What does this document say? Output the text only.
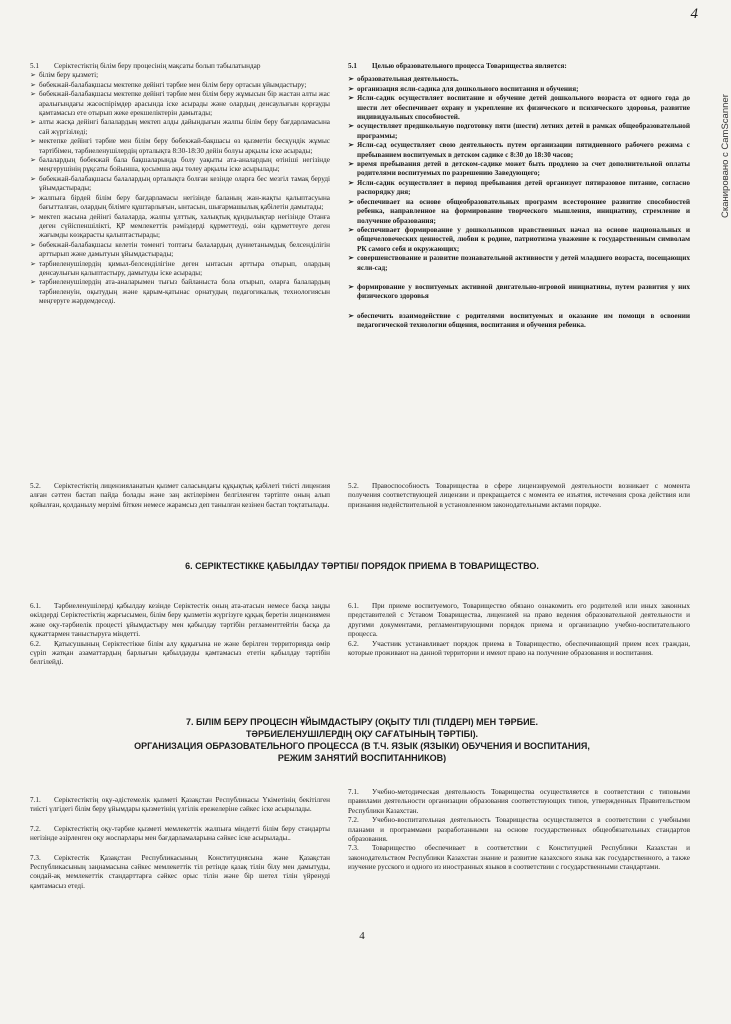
4
Сканировано с CamScanner

5.1 Серіктестіктің білім беру процесінің мақсаты болып табылатындар

➢ білім беру қызметі;
➢ бөбекжай-балабақшасы мектепке дейінгі тәрбие мен білім беру ортасын ұйымдастыру;
➢ бөбекжай-балабақшасы мектепке дейінгі тәрбие мен білім беру жұмысын бір жастан алты жас аралығындағы жасөспірімдер арасында іске асырады және олардың денсаулығын қорғауды қамтамасыз ете отырып жеке ерекшеліктерін дамытады;
➢ алты жасқа дейінгі балалардың мектеп алды дайындығын жалпы білім беру бағдарламасына сай жүргізіледі;
➢ мектепке дейінгі тәрбие мен білім беру бөбекжай-бақшасы өз қызметін бесқүндік жұмыс тәртібімен, тәрбиеленушілердің орталықта 8:30-18:30 дейін болуы арқылы іске асырады;
➢ балалардың бөбекжай бала бақшаларында болу уақыты ата-аналардың өтініші негізінде меңгерушінің рұқсаты бойынша, қосымша ақы төлеу арқылы іске асырылады;
➢ бөбекжай-балабақшасы балалардың орталықта болған кезінде оларға бес мезгіл тамақ беруді ұйымдастырады;
➢ жалпыға бірдей білім беру бағдарламасы негізінде баланың жан-жақты қалыптасуына бағытталған, олардың білімге құштарлығын, ынтасын, шығармашылық қабілетін дамытады;
➢ мектеп жасына дейінгі балаларда, жалпы ұлттық, халықтық құндылықтар негізінде Отанға деген сүйіспеншілікті, ҚР мемлекеттік рәміздерді құрметтеуді, өзін құрметтеуге деген жағымды көзқарасты қалыптастырады;
➢ бөбекжай-балабақшасы келетін төменгі топтағы балалардың дүниетанымдық белсенділігін арттырып және дамытуын ұйымдастырады;
➢ тәрбиеленушілердің қимыл-белсенділігіне деген ынтасын арттыра отырып, олардың денсаулығын қалыптастыру, дамытуды іске асырады;
➢ тәрбиеленушілердің ата-аналарымен тығыз байланыста бола отырып, оларға балалардың тәрбиеленуін, оқытудың және қарым-қатынас орнатудың педагогикалық технологиясын меңгеруге жәрдемдеседі.
5.2. Серіктестіктің лицензияланатын қызмет саласындағы құқықтық қабілеті тиісті лицензия алған сәттен бастап пайда болады және заң актілерімен белгіленген тәртіпте оның алып қойылған, қолданылу мерзімі біткен немесе жарамсыз деп танылған кезінен бастап тоқтатылады.

5.1 Целью образовательного процесса Товарищества является:

➢ образовательная деятельность.
➢ организация ясли-садика для дошкольного воспитания и обучения;
➢ Ясли-садик осуществляет воспитание и обучение детей дошкольного возраста от одного года до шести лет обеспечивает охрану и укрепление их физического и психического здоровья, развитие индивидуальных способностей.
➢ осуществляет предшкольную подготовку пяти (шести) летних детей в рамках общеобразовательной программы;
➢ Ясли-сад осуществляет свою деятельность путем организации пятидневного рабочего режима с пребыванием воспитуемых в детском садике с 8:30 до 18:30 часов;
➢ время пребывания детей в детском-садике может быть продлено за счет дополнительной оплаты родителями воспитуемых по разрешению Заведующего;
➢ Ясли-садик осуществляет в период пребывания детей организует пятиразовое питание, согласно распорядку дня;
➢ обеспечивает на основе общеобразовательных программ всестороннее развитие способностей ребенка, направленное на формирование творческого мышления, инициативу, стремление и получение образования;
➢ обеспечивает формирование у дошкольников нравственных начал на основе национальных и общечеловеческих ценностей, любви к родине, патриотизма уважение к государственным символам РК самого себя и окружающих;
➢ совершенствование и развитие познавательной активности у детей младшего возраста, посещающих ясли-сад;
➢ формирование у воспитуемых активной двигательно-игровой инициативы, путем развития у них физического здоровья
➢ обеспечить взаимодействие с родителями воспитуемых и оказание им помощи в освоении педагогической технологии общения, воспитания и обучения ребенка.
5.2. Правоспособность Товарищества в сфере лицензируемой деятельности возникает с момента получения соответствующей лицензии и прекращается с момента ее изъятия, истечения срока действия или признания недействительной в установленном законодательными актами порядке.
6. СЕРІКТЕСТІККЕ ҚАБЫЛДАУ ТӘРТІБІ/ ПОРЯДОК ПРИЕМА В ТОВАРИЩЕСТВО.

6.1. Тәрбиеленушілерді қабылдау кезінде Серіктестік оның ата-атасын немесе басқа заңды өкілдерді Серіктестіктің жарғысымен, білім беру қызметін жүргізуге құқық беретін лицензиямен және оқу-тәрбиелік процесті ұйымдастыру мен қабылдау тәртібін регламенттейтін басқа да құжаттармен таныстыруға міндетті.

6.2. Қатысушының Серіктестікке білім алу құқығына не және берілген территорияда өмір сүріп жатқан азаматтардың барлығын қабылдауды қамтамасыз ететін қабылдау тәртібін белгілейді.

6.1. При приеме воспитуемого, Товарищество обязано ознакомить его родителей или иных законных представителей с Уставом Товарищества, лицензией на право ведения образовательной деятельности и другими документами, регламентирующими порядок приема и организацию учебно-воспитательного процесса.

6.2. Участник устанавливает порядок приема в Товарищество, обеспечивающий прием всех граждан, которые проживают на данной территории и имеют право на получение образования и воспитания.

7. БІЛІМ БЕРУ ПРОЦЕСІН ҰЙЫМДАСТЫРУ (ОҚЫТУ ТІЛІ (ТІЛДЕРІ) МЕН ТӘРБИЕ.
ТӘРБИЕЛЕНУШІЛЕРДІҢ ОҚУ САҒАТЫНЫҢ ТӘРТІБІ).
ОРГАНИЗАЦИЯ ОБРАЗОВАТЕЛЬНОГО ПРОЦЕССА (В Т.Ч. ЯЗЫК (ЯЗЫКИ) ОБУЧЕНИЯ И ВОСПИТАНИЯ,
РЕЖИМ ЗАНЯТИЙ ВОСПИТАННИКОВ)

7.1. Серіктестіктің оқу-әдістемелік қызметі Қазақстан Республикасы Үкіметінің бекітілген тиісті үлгідегі білім беру ұйымдары қызметінің үлгілік ережелеріне сәйкес іске асырылады.

7.2. Серіктестіктің оқу-тәрбие қызметі мемлекеттік жалпыға міндетті білім беру стандарты негізінде әзірленген оқу жоспарлары мен бағдарламаларына сәйкес іске асырылады..

7.3. Серіктестік Қазақстан Республикасының Конституциясына және Қазақстан Республикасының заңнамасына сәйкес мемлекеттік тіл ретінде қазақ тілін білу мен дамытуды, сондай-ақ мемлекеттік стандарттарға сәйкес орыс тілін және бір шетел тілін үйренуді қамтамасыз етеді.

7.1. Учебно-методическая деятельность Товарищества осуществляется в соответствии с типовыми правилами деятельности организации образования соответствующих типов, утвержденных Правительством Республики Казахстан.

7.2. Учебно-воспитательная деятельность Товарищества осуществляется в соответствии с учебными планами и программами разработанными на основе государственных общеобязательных стандартов образования.

7.3. Товарищество обеспечивает в соответствии с Конституцией Республики Казахстан и законодательством Республики Казахстан знание и развитие казахского языка как государственного, а также изучение русского и одного из иностранных языков в соответствии с государственными стандартами.

4
